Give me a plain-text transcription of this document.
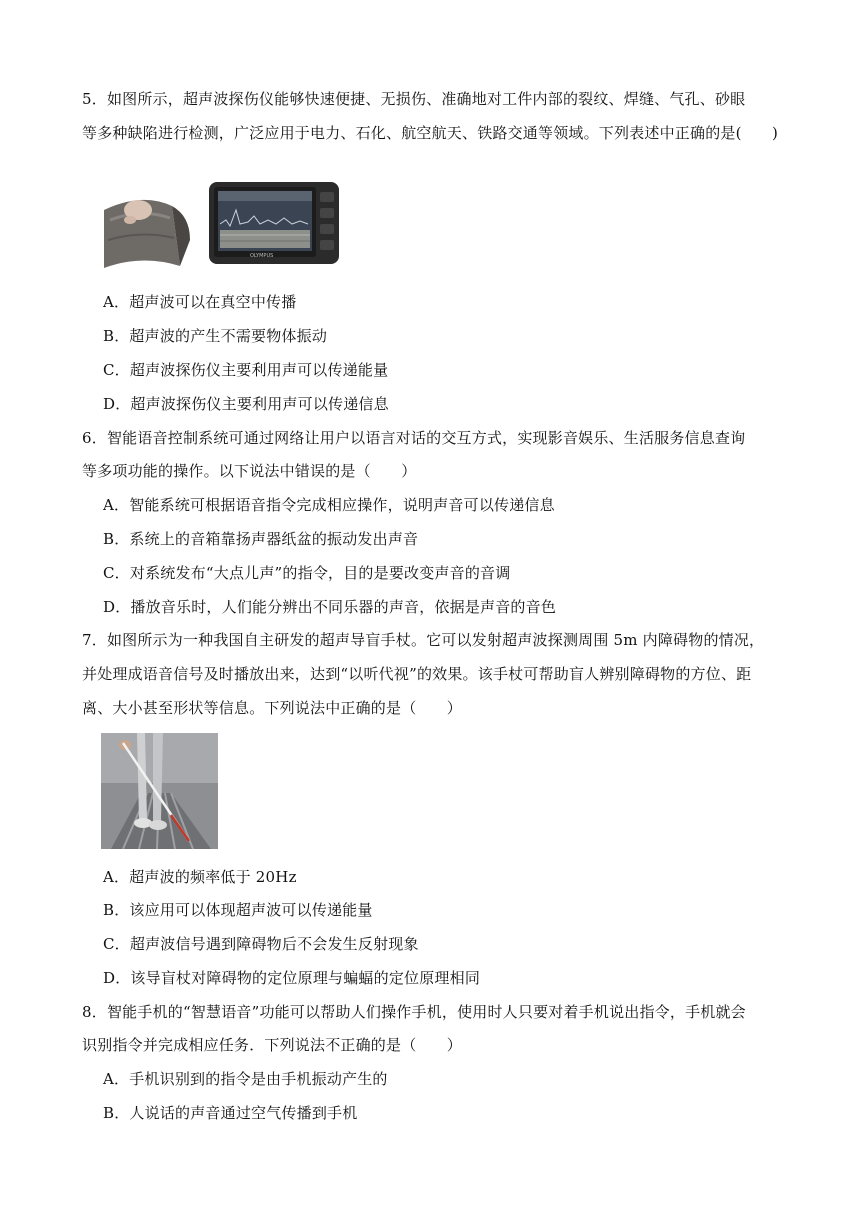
5．如图所示，超声波探伤仪能够快速便捷、无损伤、准确地对工件内部的裂纹、焊缝、气孔、砂眼
等多种缺陷进行检测，广泛应用于电力、石化、航空航天、铁路交通等领域。下列表述中正确的是(　　)
OLYMPUS
A．超声波可以在真空中传播
B．超声波的产生不需要物体振动
C．超声波探伤仪主要利用声可以传递能量
D．超声波探伤仪主要利用声可以传递信息
6．智能语音控制系统可通过网络让用户以语言对话的交互方式，实现影音娱乐、生活服务信息查询
等多项功能的操作。以下说法中错误的是（　　）
A．智能系统可根据语音指令完成相应操作，说明声音可以传递信息
B．系统上的音箱靠扬声器纸盆的振动发出声音
C．对系统发布“大点儿声”的指令，目的是要改变声音的音调
D．播放音乐时，人们能分辨出不同乐器的声音，依据是声音的音色
7．如图所示为一种我国自主研发的超声导盲手杖。它可以发射超声波探测周围 5m 内障碍物的情况，
并处理成语音信号及时播放出来，达到“以听代视”的效果。该手杖可帮助盲人辨别障碍物的方位、距
离、大小甚至形状等信息。下列说法中正确的是（　　）
A．超声波的频率低于 20Hz
B．该应用可以体现超声波可以传递能量
C．超声波信号遇到障碍物后不会发生反射现象
D．该导盲杖对障碍物的定位原理与蝙蝠的定位原理相同
8．智能手机的“智慧语音”功能可以帮助人们操作手机，使用时人只要对着手机说出指令，手机就会
识别指令并完成相应任务．下列说法不正确的是（　　）
A．手机识别到的指令是由手机振动产生的
B．人说话的声音通过空气传播到手机
